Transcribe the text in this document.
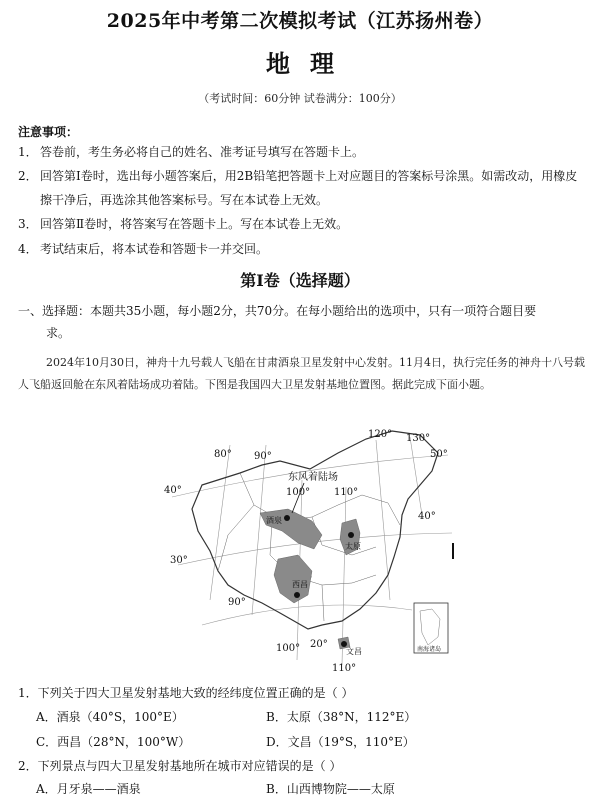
2025年中考第二次模拟考试（江苏扬州卷）
地理
（考试时间：60分钟 试卷满分：100分）
注意事项：
1． 答卷前，考生务必将自己的姓名、准考证号填写在答题卡上。
2． 回答第Ⅰ卷时，选出每小题答案后，用2B铅笔把答题卡上对应题目的答案标号涂黑。如需改动，用橡皮
擦干净后，再选涂其他答案标号。写在本试卷上无效。
3． 回答第Ⅱ卷时，将答案写在答题卡上。写在本试卷上无效。
4． 考试结束后，将本试卷和答题卡一并交回。
第Ⅰ卷（选择题）
一、选择题：本题共35小题，每小题2分，共70分。在每小题给出的选项中，只有一项符合题目要
求。
2024年10月30日，神舟十九号载人飞船在甘肃酒泉卫星发射中心发射。11月4日，执行完任务的神舟十八号载人飞船返回舱在东风着陆场成功着陆。下图是我国四大卫星发射基地位置图。据此完成下面小题。
东风着陆场
80° 90°
100° 110°
120° 130°
90°
100°
110°
50°
40°
40°
30°
20°
酒泉
太原
西昌
文昌	南海诸岛
1．下列关于四大卫星发射基地大致的经纬度位置正确的是（ ）
A．酒泉（40°S，100°E）	B．太原（38°N，112°E）
C．西昌（28°N，100°W）	D．文昌（19°S，110°E）
2．下列景点与四大卫星发射基地所在城市对应错误的是（ ）
A．月牙泉——酒泉	B．山西博物院——太原
